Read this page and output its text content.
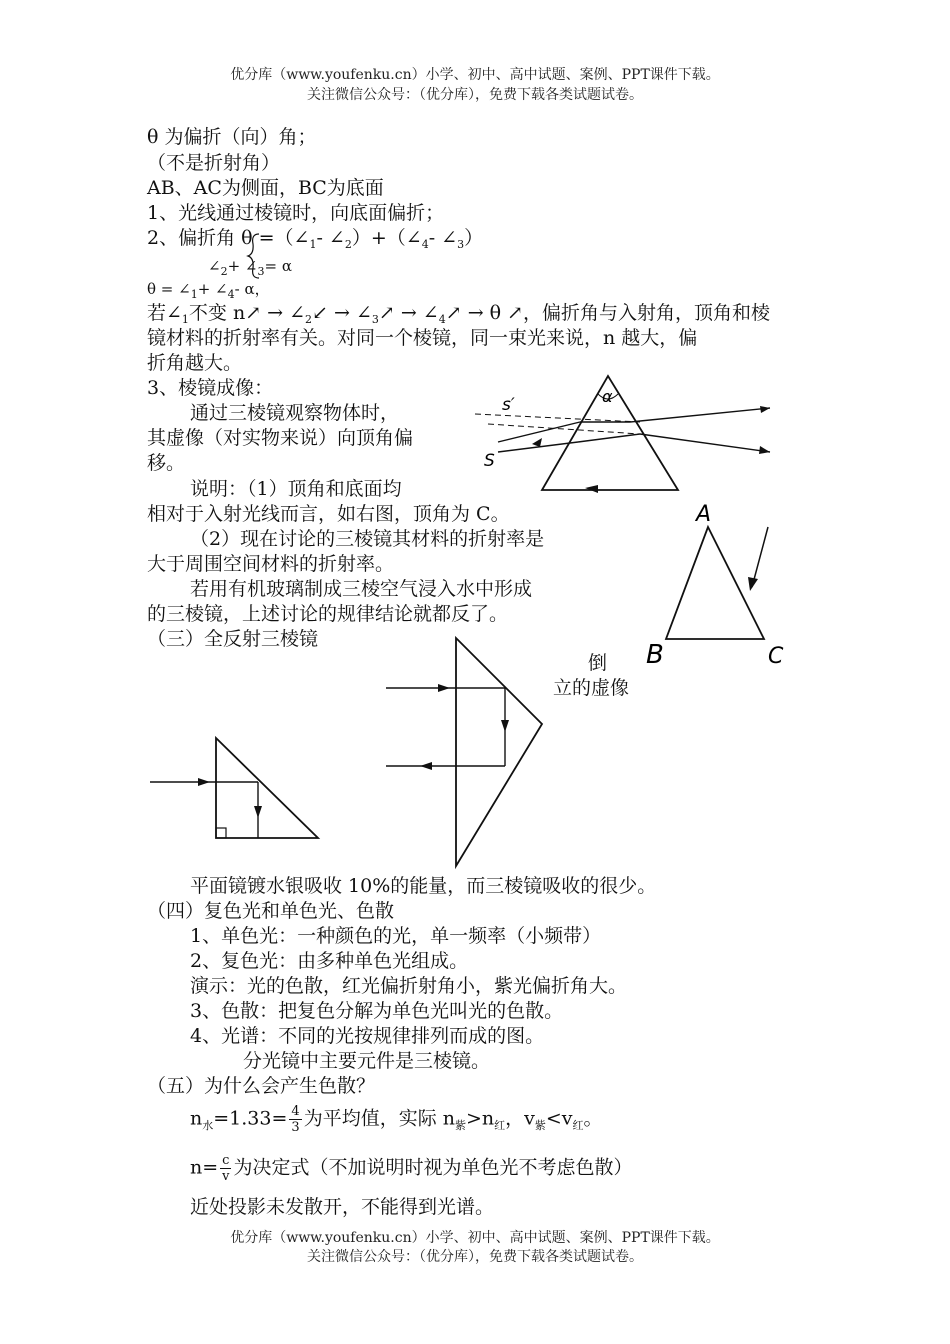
优分库（www.youfenku.cn）小学、初中、高中试题、案例、PPT课件下载。
关注微信公众号：（优分库），免费下载各类试题试卷。
θ 为偏折（向）角；
（不是折射角）
AB、AC为侧面，BC为底面
1、光线通过棱镜时，向底面偏折；
2、偏折角 $\theta =(\angle_1-$ $\angle_2)+(\angle_4-$ $\angle_3$）
$\angle_2+$ $\angle_3= \alpha$
$\theta = \angle_1+$ $\angle_4-$ α，
若$\angle_1$不变 n↗ → $\angle_2↙$ → $\angle_3↗$ → $\angle_4↗ \to \theta$ ↗，偏折角与入射角，顶角和棱
镜材料的折射率有关。对同一个棱镜，同一束光来说，n 越大，偏
折角越大。
3、棱镜成像：
通过三棱镜观察物体时，
其虚像（对实物来说）向顶角偏
移。
说明：（1）顶角和底面均
相对于入射光线而言，如右图，顶角为 C。
（2）现在讨论的三棱镜其材料的折射率是
大于周围空间材料的折射率。
若用有机玻璃制成三棱空气浸入水中形成
的三棱镜，上述讨论的规律结论就都反了。
（三）全反射三棱镜
倒
立的虚像
平面镜镀水银吸收 10%的能量，而三棱镜吸收的很少。
（四）复色光和单色光、色散
1、单色光：一种颜色的光，单一频率（小频带）
2、复色光：由多种单色光组成。
演示：光的色散，红光偏折射角小，紫光偏折角大。
3、色散：把复色分解为单色光叫光的色散。
4、光谱：不同的光按规律排列而成的图。
分光镜中主要元件是三棱镜。
（五）为什么会产生色散？
$n_水=1.33= \frac{4}{3}$ 为平均值，实际 $n_紫>n_红$，$v_紫<v_红$。
$n= \frac{c}{v}$ 为决定式（不加说明时视为单色光不考虑色散）
近处投影未发散开，不能得到光谱。
α
s′
S
A
B	C
优分库（www.youfenku.cn）小学、初中、高中试题、案例、PPT课件下载。
关注微信公众号：（优分库），免费下载各类试题试卷。
